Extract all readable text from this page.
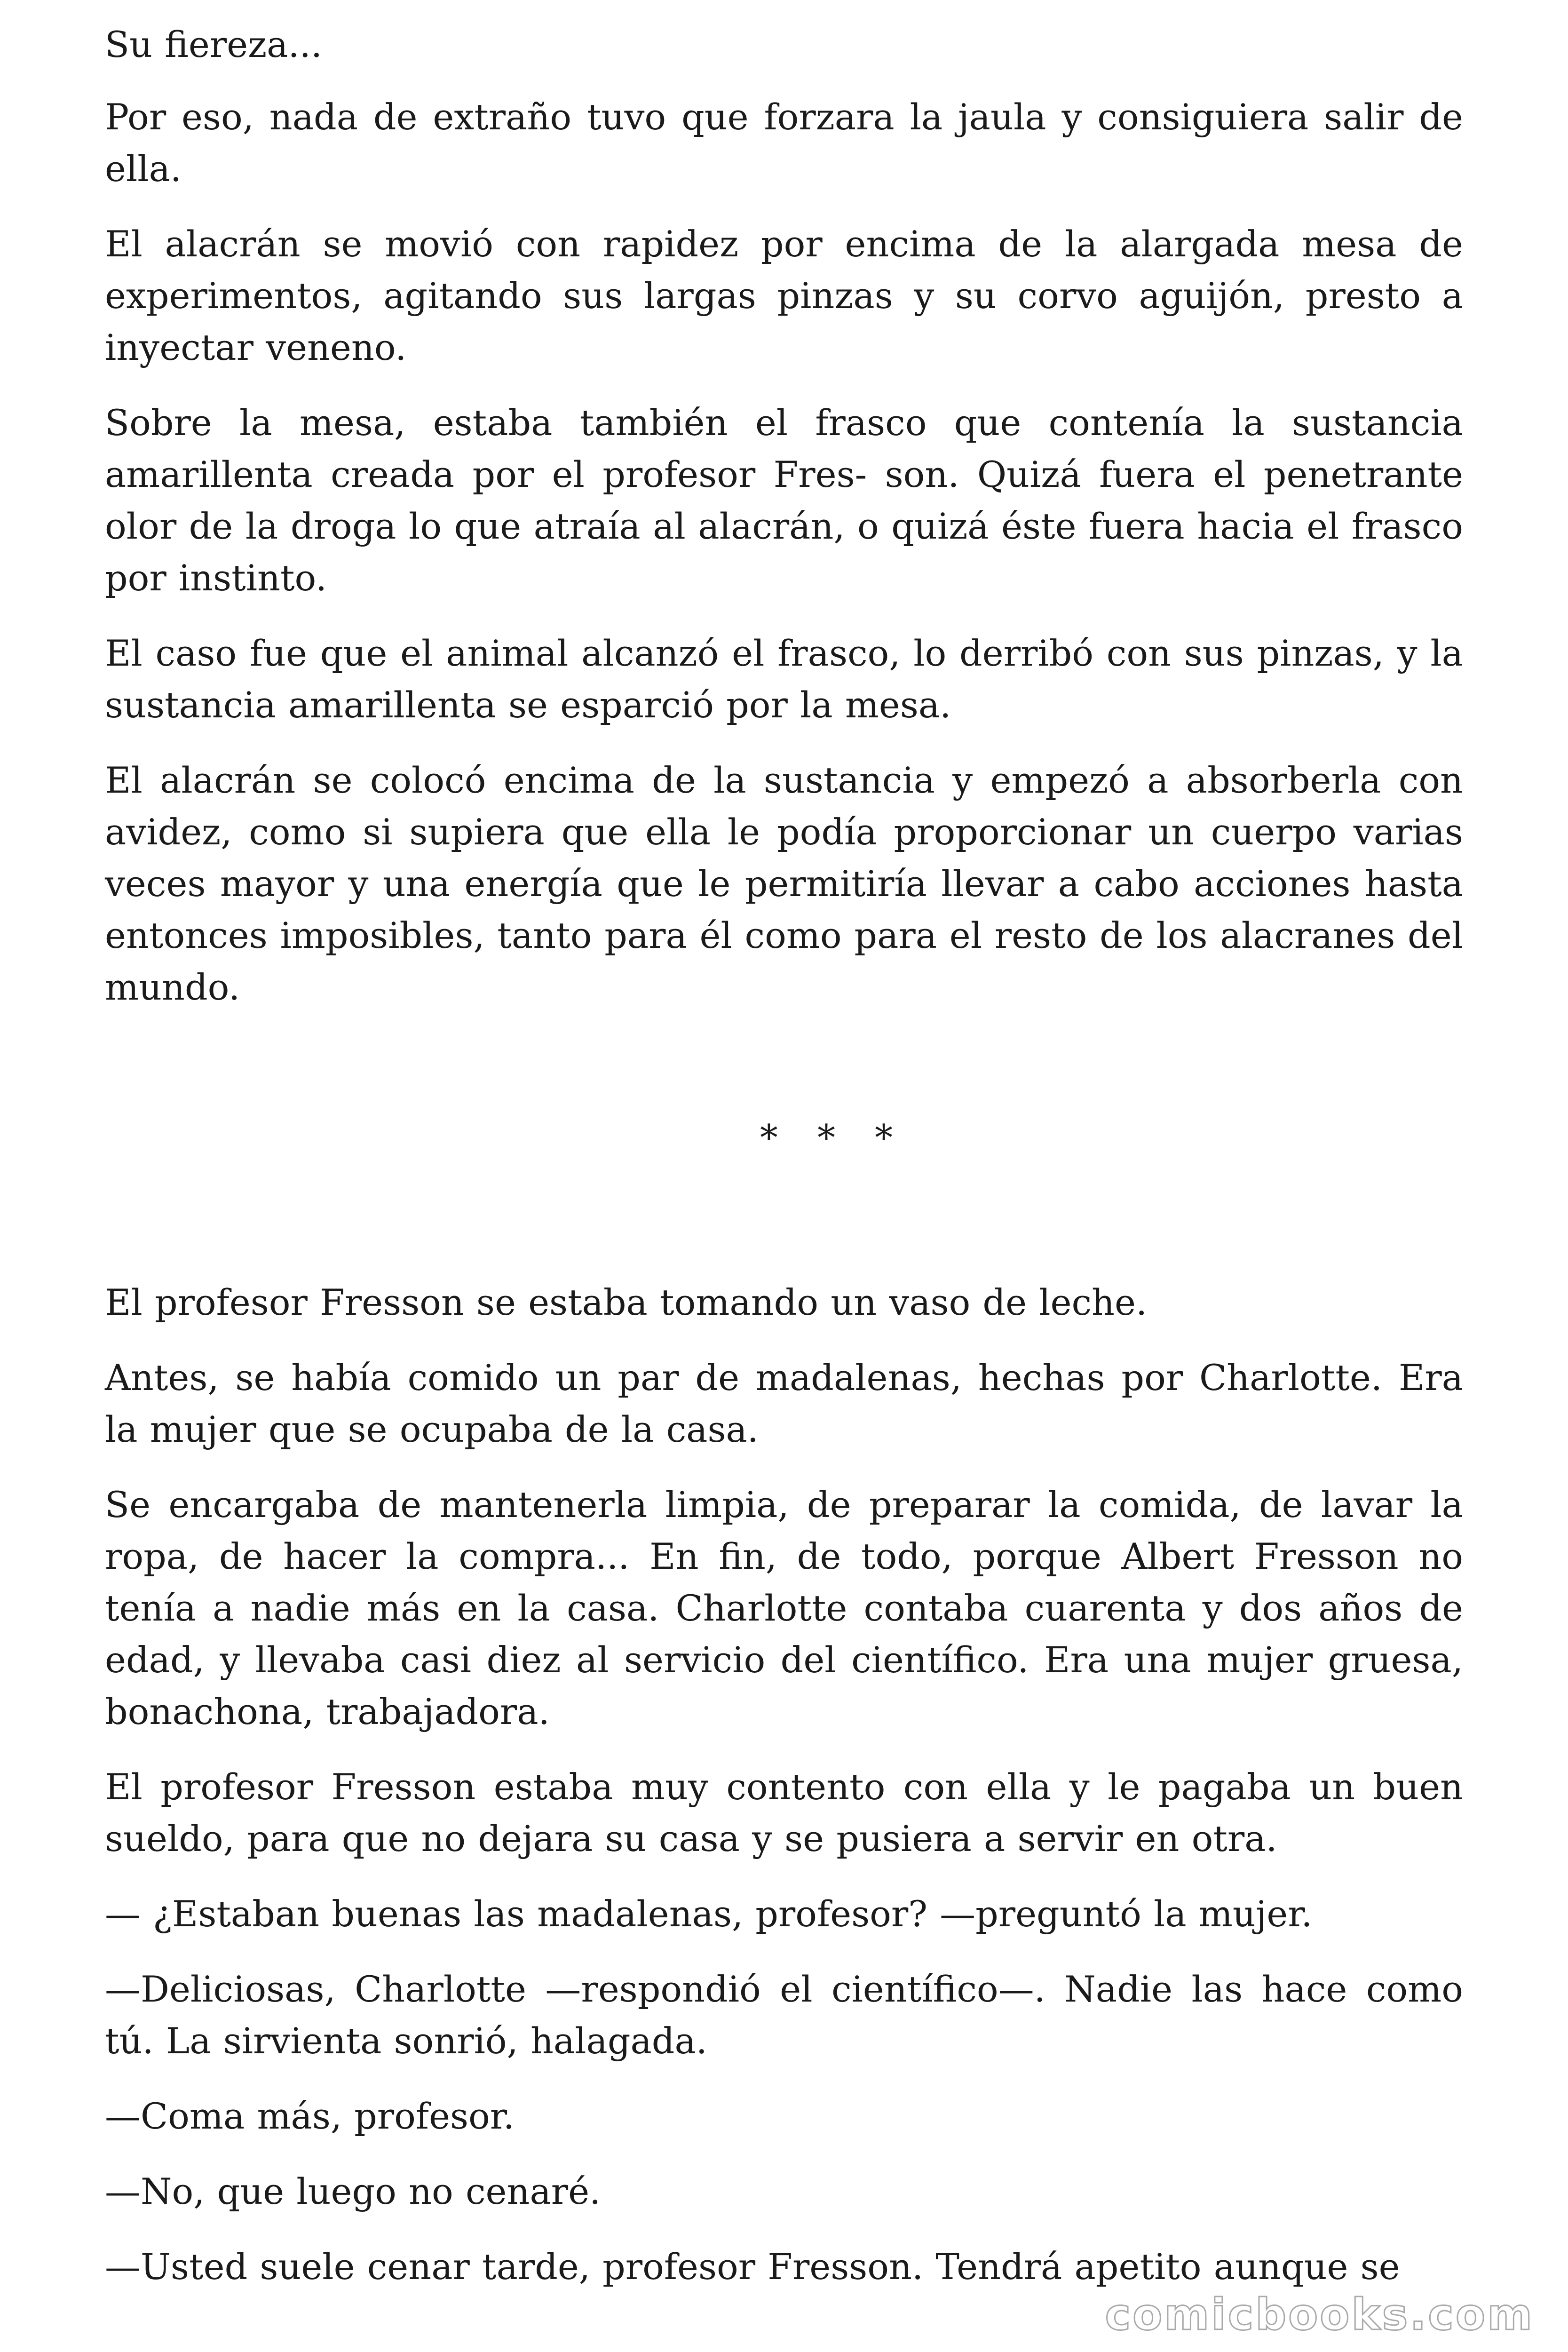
Su fiereza...

Por eso, nada de extraño tuvo que forzara la jaula y consiguiera salir de ella.

El alacrán se movió con rapidez por encima de la alargada mesa de experimentos, agitando sus largas pinzas y su corvo aguijón, presto a inyectar veneno.

Sobre la mesa, estaba también el frasco que contenía la sustancia amarillenta creada por el profesor Fres- son. Quizá fuera el penetrante olor de la droga lo que atraía al alacrán, o quizá éste fuera hacia el frasco por instinto.

El caso fue que el animal alcanzó el frasco, lo derribó con sus pinzas, y la sustancia amarillenta se esparció por la mesa.

El alacrán se colocó encima de la sustancia y empezó a absorberla con avidez, como si supiera que ella le podía proporcionar un cuerpo varias veces mayor y una energía que le permitiría llevar a cabo acciones hasta entonces imposibles, tanto para él como para el resto de los alacranes del mundo.

* * *

El profesor Fresson se estaba tomando un vaso de leche.

Antes, se había comido un par de madalenas, hechas por Charlotte. Era la mujer que se ocupaba de la casa.

Se encargaba de mantenerla limpia, de preparar la comida, de lavar la ropa, de hacer la compra... En fin, de todo, porque Albert Fresson no tenía a nadie más en la casa. Charlotte contaba cuarenta y dos años de edad, y llevaba casi diez al servicio del científico. Era una mujer gruesa, bonachona, trabajadora.

El profesor Fresson estaba muy contento con ella y le pagaba un buen sueldo, para que no dejara su casa y se pusiera a servir en otra.

— ¿Estaban buenas las madalenas, profesor? —preguntó la mujer.

—Deliciosas, Charlotte —respondió el científico—. Nadie las hace como tú. La sirvienta sonrió, halagada.

—Coma más, profesor.

—No, que luego no cenaré.

—Usted suele cenar tarde, profesor Fresson. Tendrá apetito aunque se

comicbooks.com
